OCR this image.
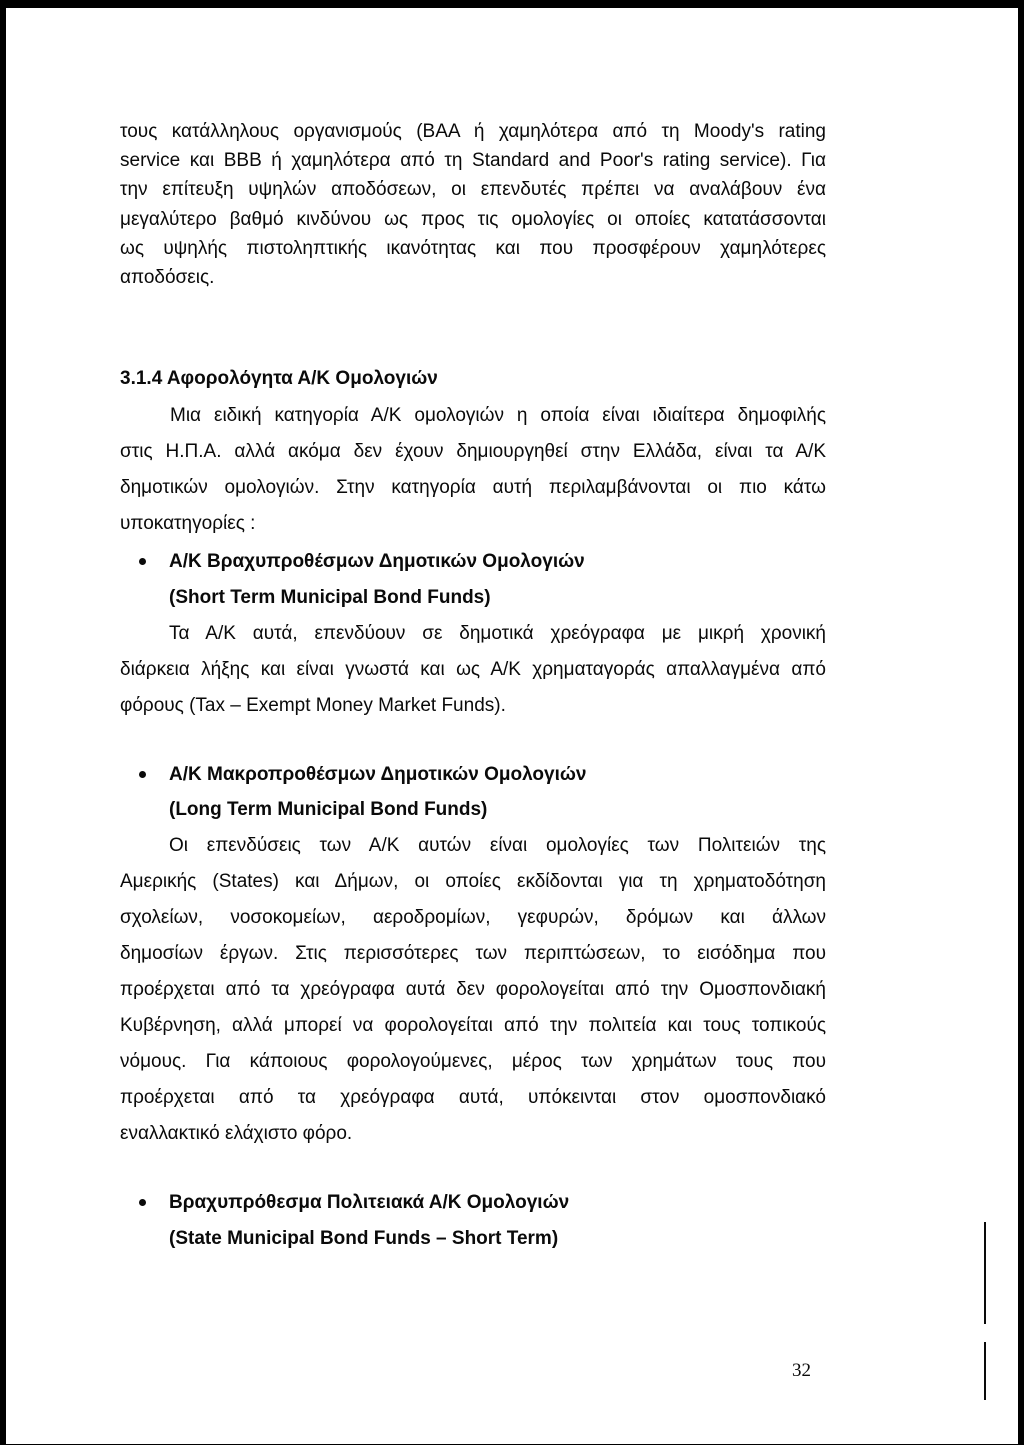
τους κατάλληλους οργανισμούς (ΒΑΑ ή χαμηλότερα από τη Moody's rating
service και ΒΒΒ ή χαμηλότερα από τη Standard and Poor's rating service). Για
την επίτευξη υψηλών αποδόσεων, οι επενδυτές πρέπει να αναλάβουν ένα
μεγαλύτερο βαθμό κινδύνου ως προς τις ομολογίες οι οποίες κατατάσσονται
ως υψηλής πιστοληπτικής ικανότητας και που προσφέρουν χαμηλότερες
αποδόσεις.
3.1.4 Αφορολόγητα Α/Κ Ομολογιών
Μια ειδική κατηγορία Α/Κ ομολογιών η οποία είναι ιδιαίτερα δημοφιλής
στις Η.Π.Α. αλλά ακόμα δεν έχουν δημιουργηθεί στην Ελλάδα, είναι τα Α/Κ
δημοτικών ομολογιών. Στην κατηγορία αυτή περιλαμβάνονται οι πιο κάτω
υποκατηγορίες :
Α/Κ Βραχυπροθέσμων Δημοτικών Ομολογιών
(Short Term Municipal Bond Funds)
Τα Α/Κ αυτά, επενδύουν σε δημοτικά χρεόγραφα με μικρή χρονική
διάρκεια λήξης και είναι γνωστά και ως Α/Κ χρηματαγοράς απαλλαγμένα από
φόρους (Tax – Exempt Money Market Funds).
Α/Κ Μακροπροθέσμων Δημοτικών Ομολογιών
(Long Term Municipal Bond Funds)
Οι επενδύσεις των Α/Κ αυτών είναι ομολογίες των Πολιτειών της
Αμερικής (States) και Δήμων, οι οποίες εκδίδονται για τη χρηματοδότηση
σχολείων, νοσοκομείων, αεροδρομίων, γεφυρών, δρόμων και άλλων
δημοσίων έργων. Στις περισσότερες των περιπτώσεων, το εισόδημα που
προέρχεται από τα χρεόγραφα αυτά δεν φορολογείται από την Ομοσπονδιακή
Κυβέρνηση, αλλά μπορεί να φορολογείται από την πολιτεία και τους τοπικούς
νόμους. Για κάποιους φορολογούμενες, μέρος των χρημάτων τους που
προέρχεται από τα χρεόγραφα αυτά, υπόκεινται στον ομοσπονδιακό
εναλλακτικό ελάχιστο φόρο.
Βραχυπρόθεσμα Πολιτειακά Α/Κ Ομολογιών
(State Municipal Bond Funds – Short Term)
32
